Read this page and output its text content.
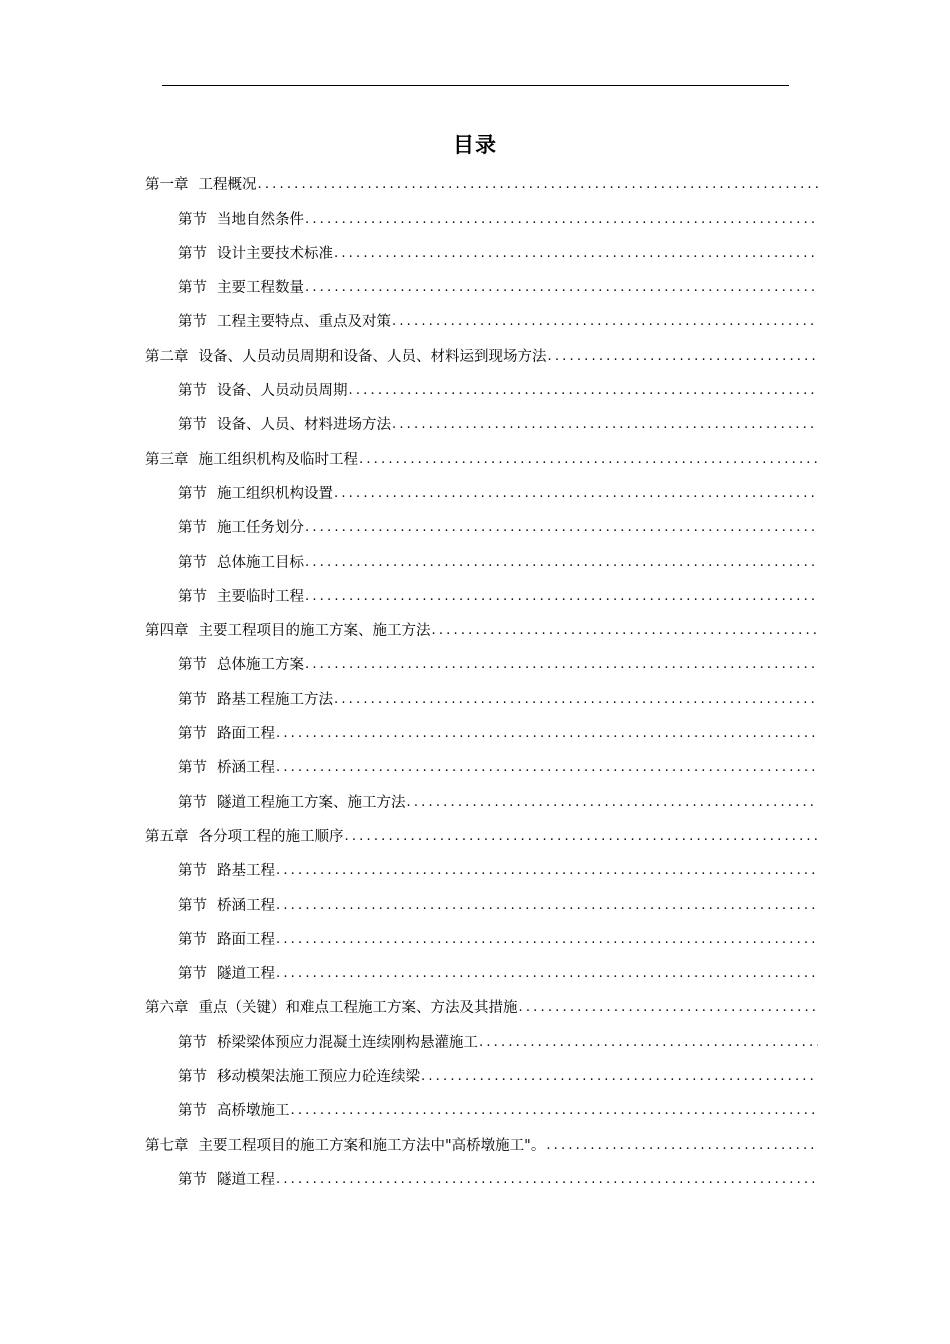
目录
第一章 工程概况
.....
第节 当地自然条件
.....
第节 设计主要技术标准
.....
第节 主要工程数量
.....
第节 工程主要特点、重点及对策
.....
第二章 设备、人员动员周期和设备、人员、材料运到现场方法
.....
第节 设备、人员动员周期
.....
第节 设备、人员、材料进场方法
.....
第三章 施工组织机构及临时工程
.....
第节 施工组织机构设置
.....
第节 施工任务划分
.....
第节 总体施工目标
.....
第节 主要临时工程
.....
第四章 主要工程项目的施工方案、施工方法
.....
第节 总体施工方案
.....
第节 路基工程施工方法
.....
第节 路面工程
.....
第节 桥涵工程
.....
第节 隧道工程施工方案、施工方法
.....
第五章 各分项工程的施工顺序
.....
第节 路基工程
.....
第节 桥涵工程
.....
第节 路面工程
.....
第节 隧道工程
.....
第六章 重点（关键）和难点工程施工方案、方法及其措施
.....
第节 桥梁梁体预应力混凝土连续刚构悬灌施工
.....
第节 移动模架法施工预应力砼连续梁
.....
第节 高桥墩施工
.....
第七章 主要工程项目的施工方案和施工方法中"高桥墩施工"。
.....
第节 隧道工程
.....
